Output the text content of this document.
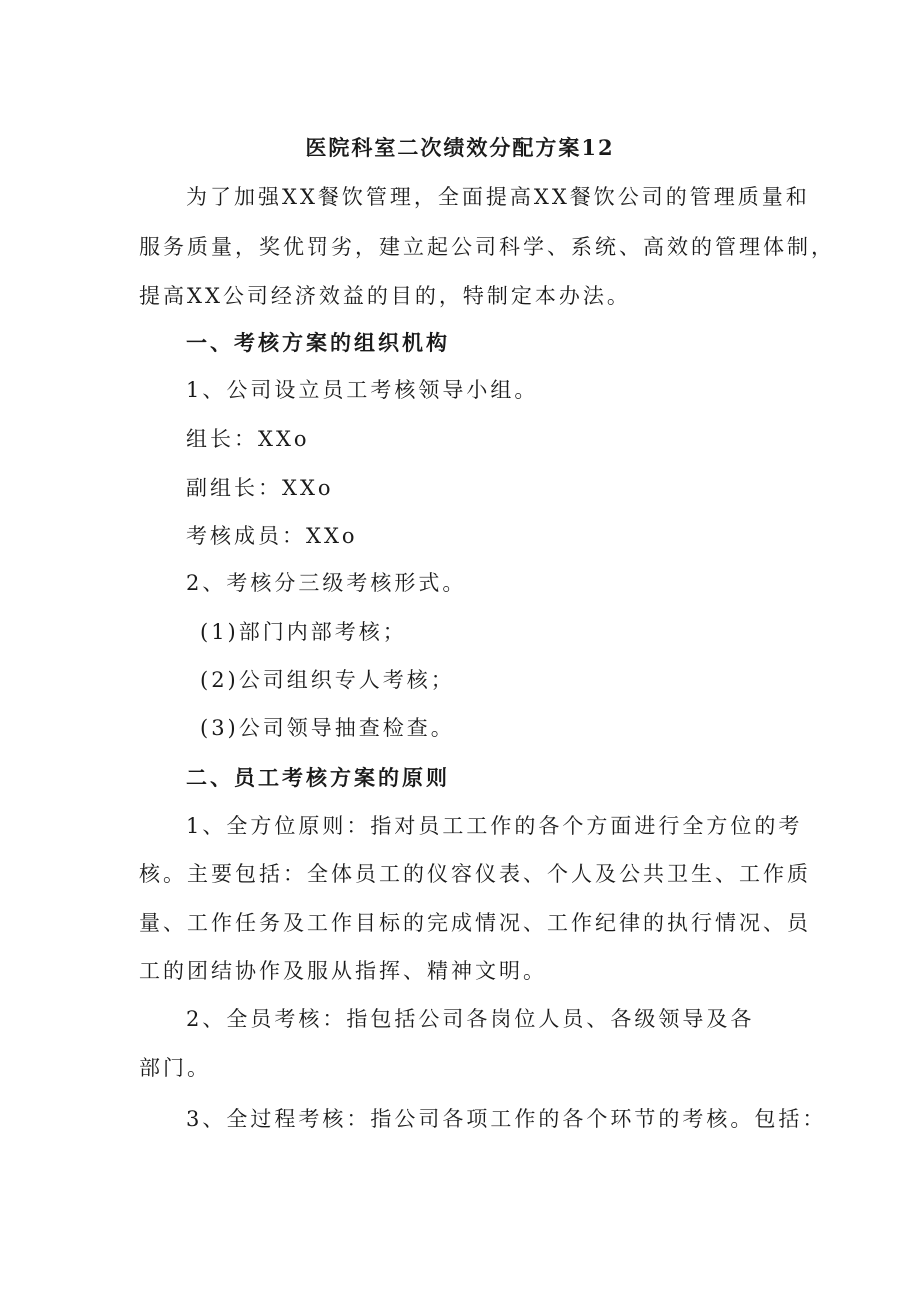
医院科室二次绩效分配方案12
为了加强XX餐饮管理，全面提高XX餐饮公司的管理质量和
服务质量，奖优罚劣，建立起公司科学、系统、高效的管理体制，
提高XX公司经济效益的目的，特制定本办法。
一、考核方案的组织机构
1、公司设立员工考核领导小组。
组长：XXo
副组长：XXo
考核成员：XXo
2、考核分三级考核形式。
(1)部门内部考核；
(2)公司组织专人考核；
(3)公司领导抽查检查。
二、员工考核方案的原则
1、全方位原则：指对员工工作的各个方面进行全方位的考
核。主要包括：全体员工的仪容仪表、个人及公共卫生、工作质
量、工作任务及工作目标的完成情况、工作纪律的执行情况、员
工的团结协作及服从指挥、精神文明。
2、全员考核：指包括公司各岗位人员、各级领导及各
部门。
3、全过程考核：指公司各项工作的各个环节的考核。包括：
